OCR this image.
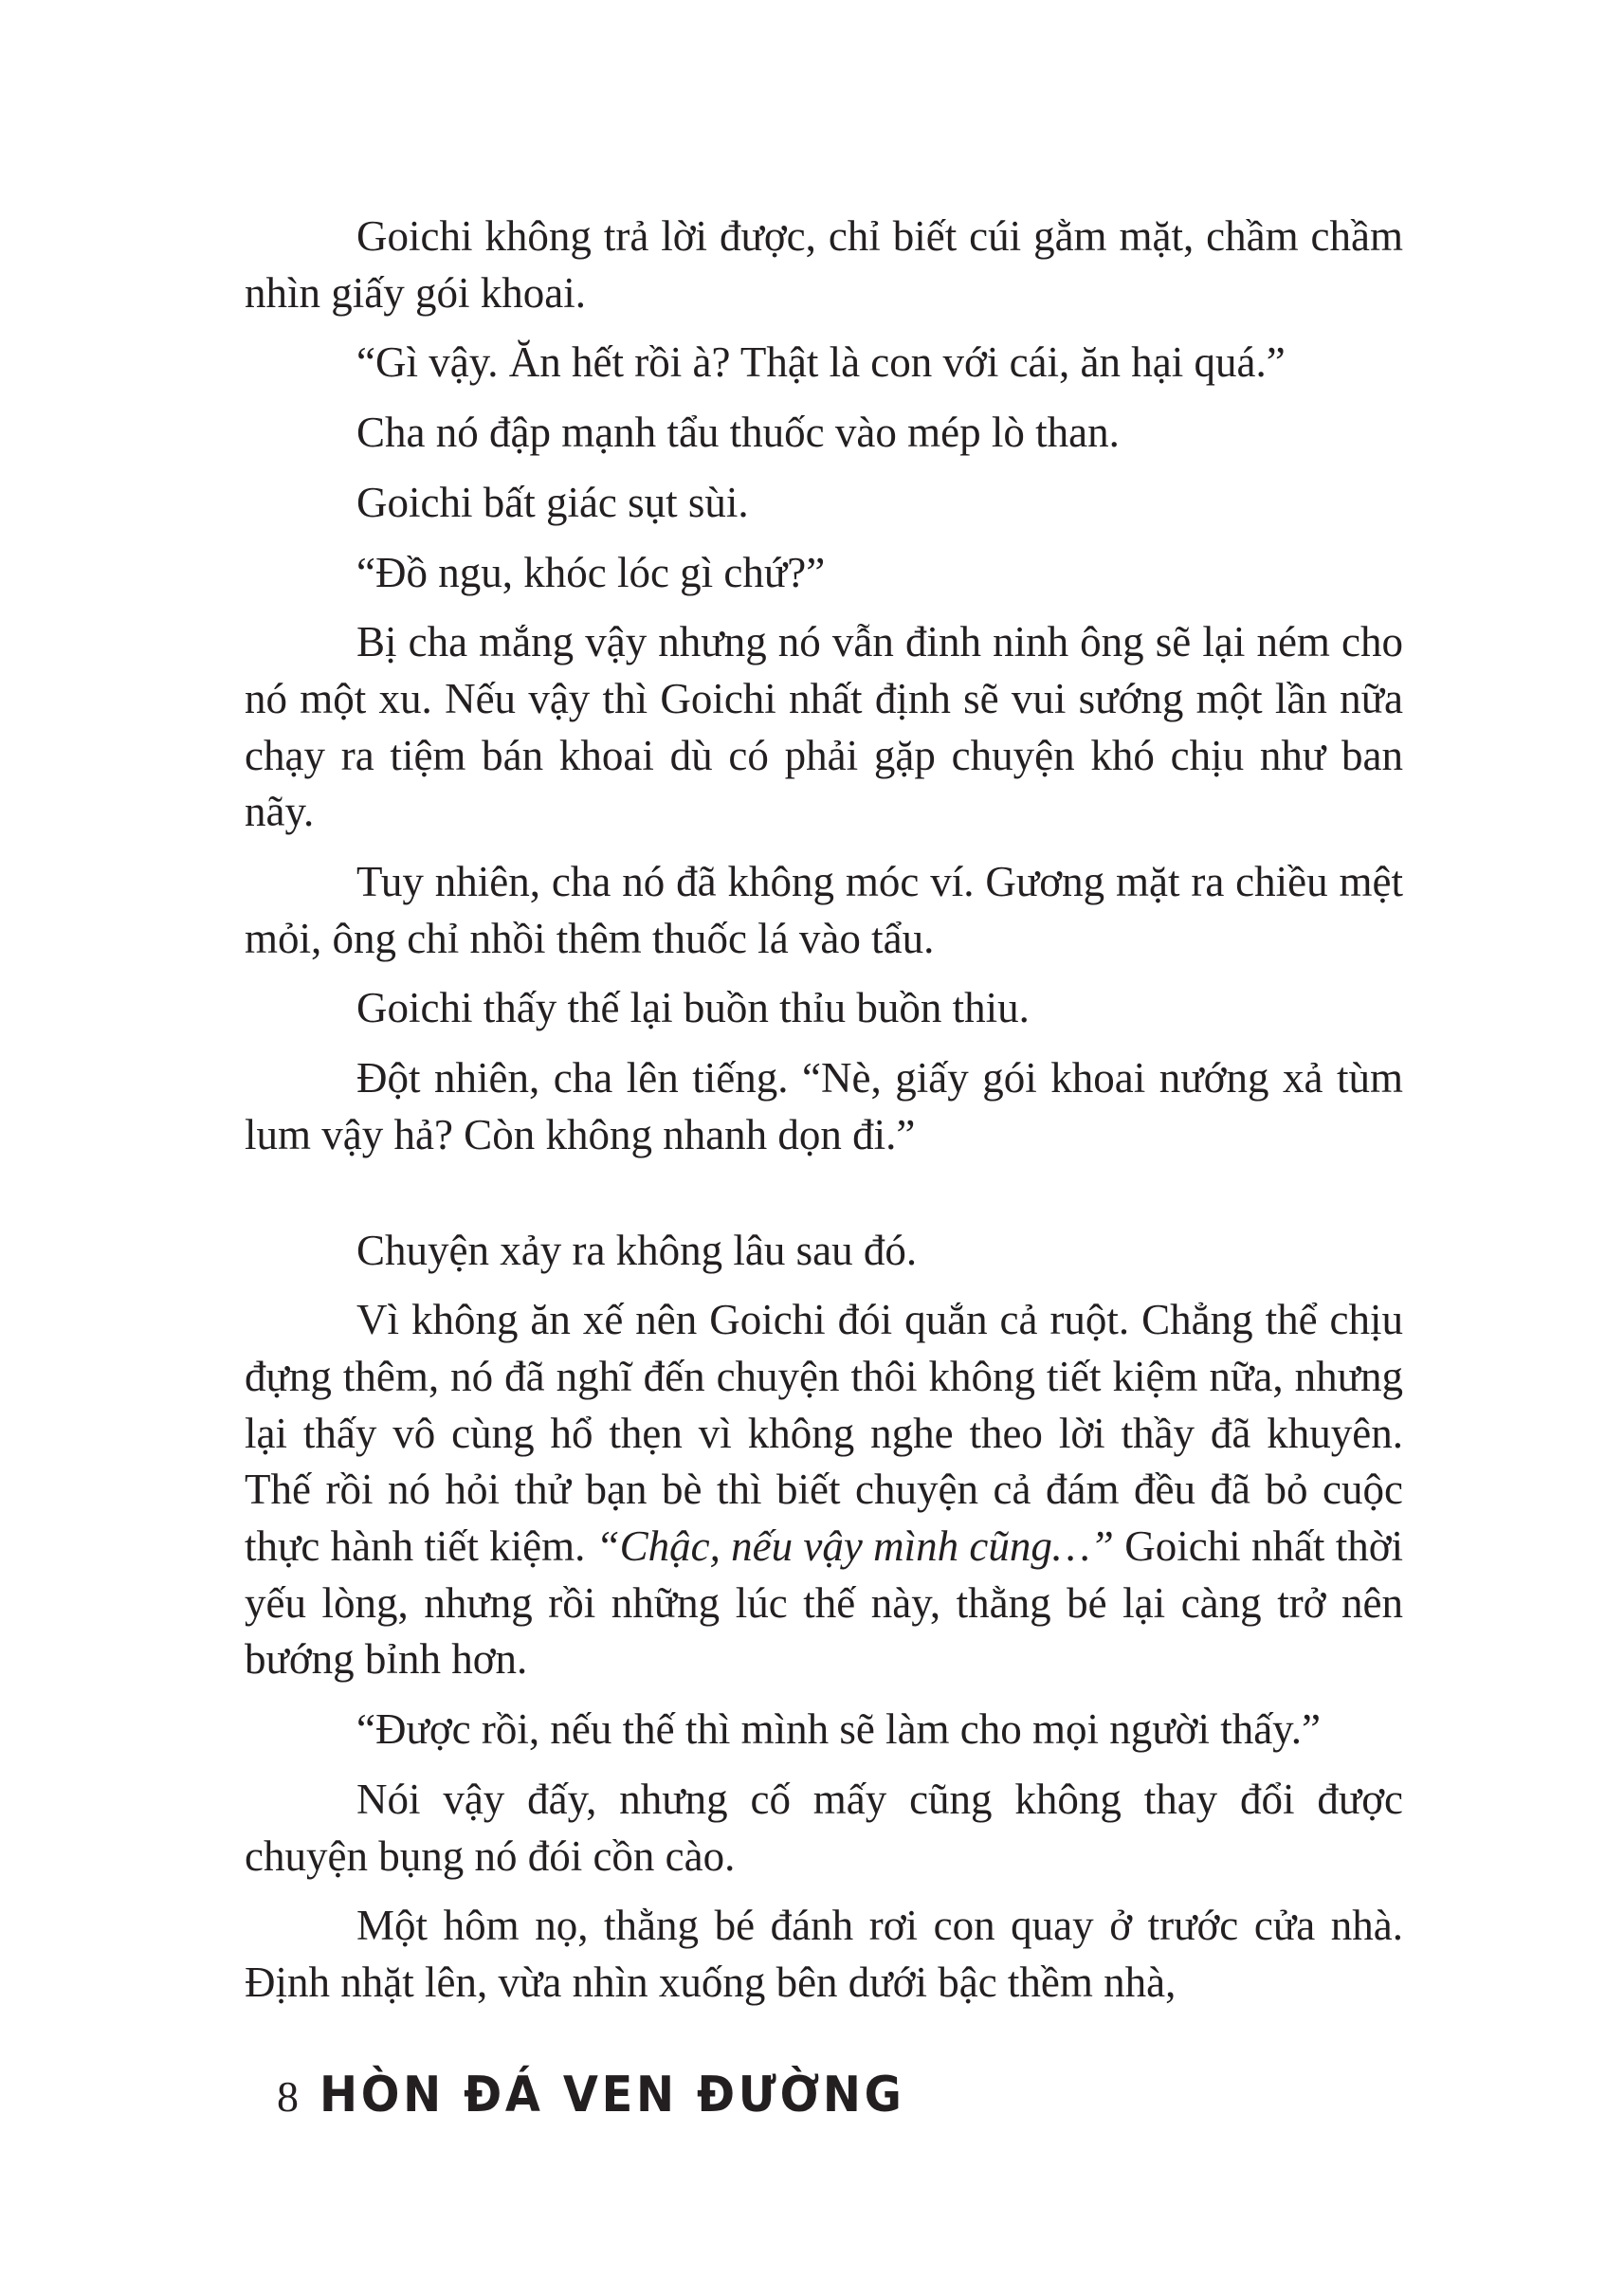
Goichi không trả lời được, chỉ biết cúi gằm mặt, chầm chầm nhìn giấy gói khoai.

“Gì vậy. Ăn hết rồi à? Thật là con với cái, ăn hại quá.”

Cha nó đập mạnh tẩu thuốc vào mép lò than.

Goichi bất giác sụt sùi.

“Đồ ngu, khóc lóc gì chứ?”

Bị cha mắng vậy nhưng nó vẫn đinh ninh ông sẽ lại ném cho nó một xu. Nếu vậy thì Goichi nhất định sẽ vui sướng một lần nữa chạy ra tiệm bán khoai dù có phải gặp chuyện khó chịu như ban nãy.

Tuy nhiên, cha nó đã không móc ví. Gương mặt ra chiều mệt mỏi, ông chỉ nhồi thêm thuốc lá vào tẩu.

Goichi thấy thế lại buồn thỉu buồn thiu.

Đột nhiên, cha lên tiếng. “Nè, giấy gói khoai nướng xả tùm lum vậy hả? Còn không nhanh dọn đi.”

Chuyện xảy ra không lâu sau đó.

Vì không ăn xế nên Goichi đói quắn cả ruột. Chẳng thể chịu đựng thêm, nó đã nghĩ đến chuyện thôi không tiết kiệm nữa, nhưng lại thấy vô cùng hổ thẹn vì không nghe theo lời thầy đã khuyên. Thế rồi nó hỏi thử bạn bè thì biết chuyện cả đám đều đã bỏ cuộc thực hành tiết kiệm. “Chậc, nếu vậy mình cũng…” Goichi nhất thời yếu lòng, nhưng rồi những lúc thế này, thằng bé lại càng trở nên bướng bỉnh hơn.

“Được rồi, nếu thế thì mình sẽ làm cho mọi người thấy.”

Nói vậy đấy, nhưng cố mấy cũng không thay đổi được chuyện bụng nó đói cồn cào.

Một hôm nọ, thằng bé đánh rơi con quay ở trước cửa nhà. Định nhặt lên, vừa nhìn xuống bên dưới bậc thềm nhà,

8 HÒN ĐÁ VEN ĐƯỜNG
